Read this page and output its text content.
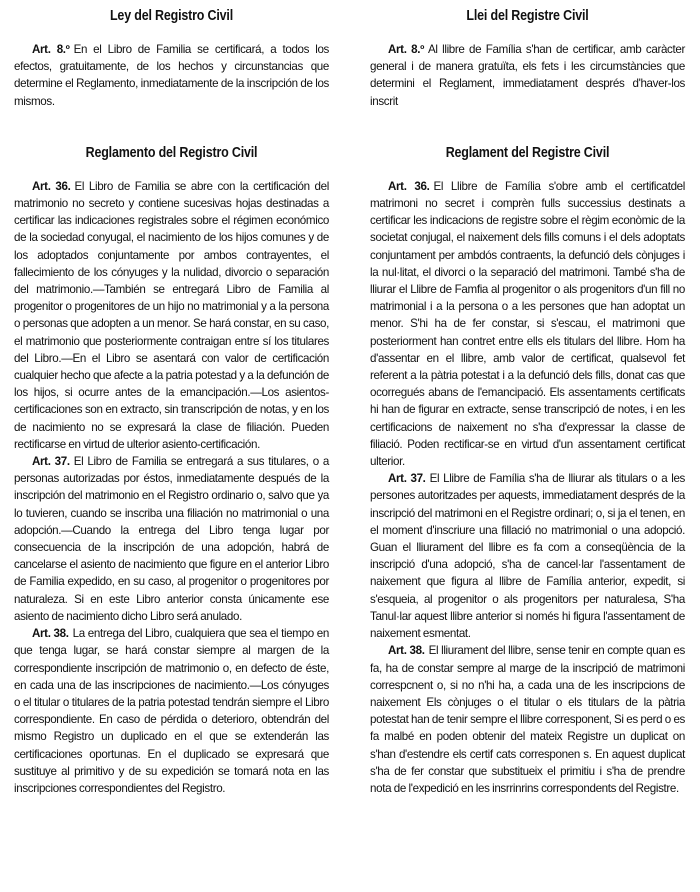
Ley del Registro Civil

Art. 8.º En el Libro de Familia se certificará, a todos los efectos, gratuitamente, de los hechos y circunstancias que determine el Reglamento, inmediatamente de la inscripción de los mismos.

Reglamento del Registro Civil

Art. 36. El Libro de Familia se abre con la certificación del matrimonio no secreto y contiene sucesivas hojas destinadas a certificar las indicaciones registrales sobre el régimen económico de la sociedad conyugal, el nacimiento de los hijos comunes y de los adoptados conjuntamente por ambos contrayentes, el fallecimiento de los cónyuges y la nulidad, divorcio o separación del matrimonio.—También se entregará Libro de Familia al progenitor o progenitores de un hijo no matrimonial y a la persona o personas que adopten a un menor. Se hará constar, en su caso, el matrimonio que posteriormente contraigan entre sí los titulares del Libro.—En el Libro se asentará con valor de certificación cualquier hecho que afecte a la patria potestad y a la defunción de los hijos, si ocurre antes de la emancipación.—Los asientos-certificaciones son en extracto, sin transcripción de notas, y en los de nacimiento no se expresará la clase de filiación. Pueden rectificarse en virtud de ulterior asiento-certificación.

Art. 37. El Libro de Familia se entregará a sus titulares, o a personas autorizadas por éstos, inmediatamente después de la inscripción del matrimonio en el Registro ordinario o, salvo que ya lo tuvieren, cuando se inscriba una filiación no matrimonial o una adopción.—Cuando la entrega del Libro tenga lugar por consecuencia de la inscripción de una adopción, habrá de cancelarse el asiento de nacimiento que figure en el anterior Libro de Familia expedido, en su caso, al progenitor o progenitores por naturaleza. Si en este Libro anterior consta únicamente ese asiento de nacimiento dicho Libro será anulado.

Art. 38. La entrega del Libro, cualquiera que sea el tiempo en que tenga lugar, se hará constar siempre al margen de la correspondiente inscripción de matrimonio o, en defecto de éste, en cada una de las inscripciones de nacimiento.—Los cónyuges o el titular o titulares de la patria potestad tendrán siempre el Libro correspondiente. En caso de pérdida o deterioro, obtendrán del mismo Registro un duplicado en el que se extenderán las certificaciones oportunas. En el duplicado se expresará que sustituye al primitivo y de su expedición se tomará nota en las inscripciones correspondientes del Registro.

Llei del Registre Civil

Art. 8.º Al llibre de Família s'han de certificar, amb caràcter general i de manera gratuïta, els fets i les circumstàncies que determini el Reglament, immediatament després d'haver-los inscrit

Reglament del Registre Civil

Art. 36. El Llibre de Família s'obre amb el certificatdel matrimoni no secret i comprèn fulls successius destinats a certificar les indicacions de registre sobre el règim econòmic de la societat conjugal, el naixement dels fills comuns i el dels adoptats conjuntament per ambdós contraents, la defunció dels cònjuges i la nul·litat, el divorci o la separació del matrimoni. També s'ha de lliurar el Llibre de Famfia al progenitor o als progenitors d'un fill no matrimonial i a la persona o a les persones que han adoptat un menor. S'hi ha de fer constar, si s'escau, el matrimoni que posteriorment han contret entre ells els titulars del llibre. Hom ha d'assentar en el llibre, amb valor de certificat, qualsevol fet referent a la pàtria potestat i a la defunció dels fills, donat cas que ocorregués abans de l'emancipació. Els assentaments certificats hi han de figurar en extracte, sense transcripció de notes, i en les certificacions de naixement no s'ha d'expressar la classe de filiació. Poden rectificar-se en virtud d'un assentament certificat ulterior.

Art. 37. El Llibre de Família s'ha de lliurar als titulars o a les persones autoritzades per aquests, immediatament després de la inscripció del matrimoni en el Registre ordinari; o, si ja el tenen, en el moment d'inscriure una fillació no matrimonial o una adopció. Guan el lliurament del llibre es fa com a conseqüència de la inscripció d'una adopció, s'ha de cancel·lar l'assentament de naixement que figura al llibre de Família anterior, expedit, si s'esqueia, al progenitor o als progenitors per naturalesa, S'ha Tanul·lar aquest llibre anterior si només hi figura l'assentament de naixement esmentat.

Art. 38. El lliurament del llibre, sense tenir en compte quan es fa, ha de constar sempre al marge de la inscripció de matrimoni correspcnent o, si no n'hi ha, a cada una de les inscripcions de naixement Els cònjuges o el titular o els titulars de la pàtria potestat han de tenir sempre el llibre corresponent, Si es perd o es fa malbé en poden obtenir del mateix Registre un duplicat on s'han d'estendre els certif cats corresponen s. En aquest duplicat s'ha de fer constar que substitueix el primitiu i s'ha de prendre nota de l'expedició en les insrrinrins correspondents del Registre.
